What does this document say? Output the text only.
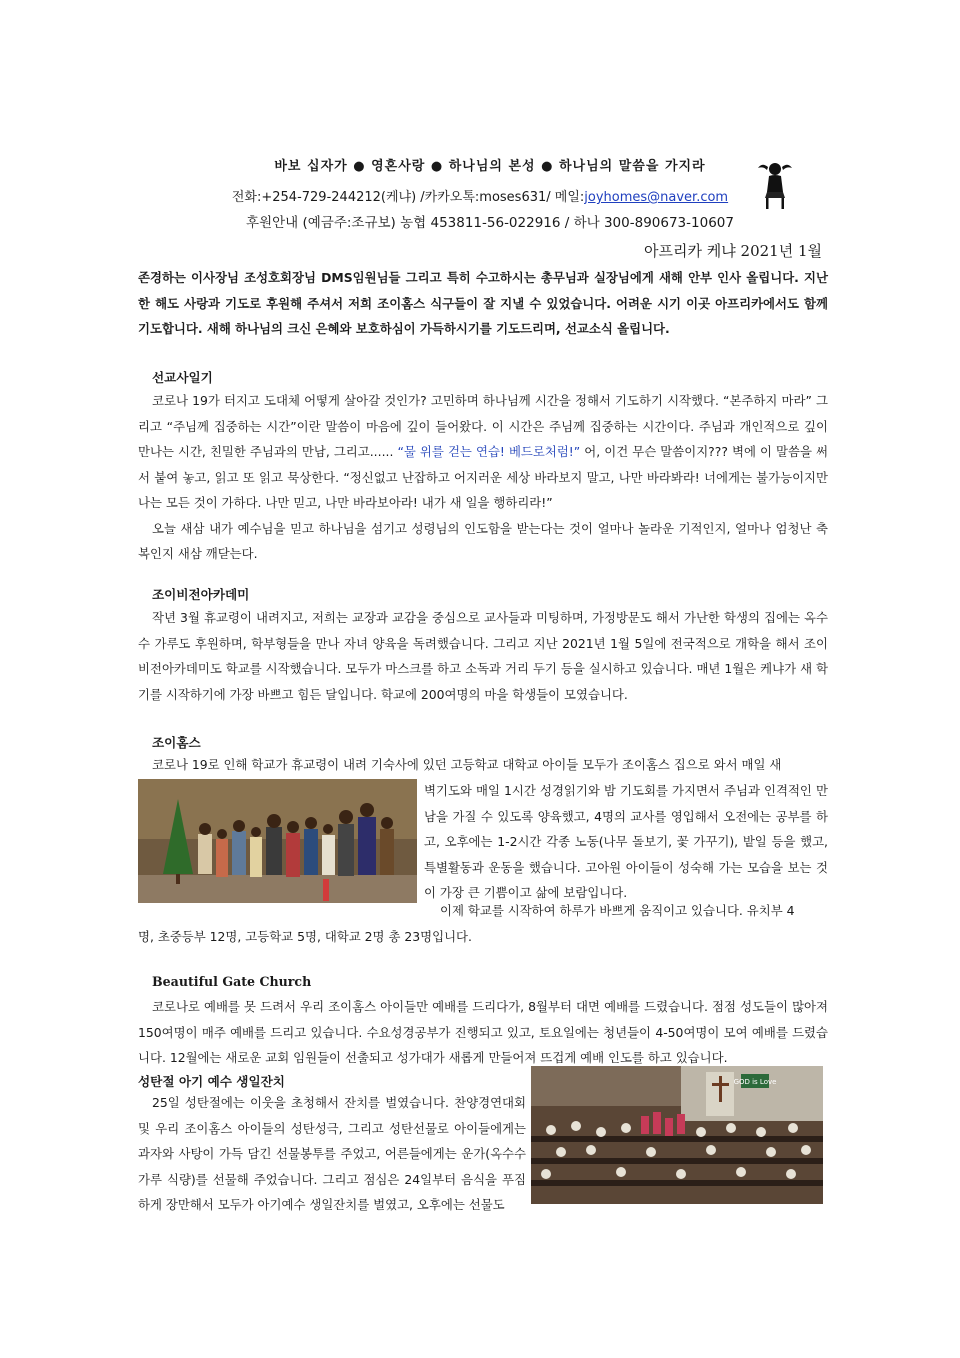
바보 십자가 ● 영혼사랑 ● 하나님의 본성 ● 하나님의 말씀을 가지라
전화:+254-729-244212(케냐) /카카오톡:moses631/ 메일:joyhomes@naver.com
후원안내 (예금주:조규보) 농협 453811-56-022916 / 하나 300-890673-10607
아프리카 케냐 2021년 1월
존경하는 이사장님 조성호회장님 DMS임원님들 그리고 특히 수고하시는 총무님과 실장님에게 새해 안부 인사 올립니다. 지난 한 해도 사랑과 기도로 후원해 주셔서 저희 조이홈스 식구들이 잘 지낼 수 있었습니다. 어려운 시기 이곳 아프리카에서도 함께 기도합니다. 새해 하나님의 크신 은혜와 보호하심이 가득하시기를 기도드리며, 선교소식 올립니다.
선교사일기

코로나 19가 터지고 도대체 어떻게 살아갈 것인가? 고민하며 하나님께 시간을 정해서 기도하기 시작했다. “본주하지 마라” 그리고 “주님께 집중하는 시간”이란 말씀이 마음에 깊이 들어왔다. 이 시간은 주님께 집중하는 시간이다. 주님과 개인적으로 깊이 만나는 시간, 친밀한 주님과의 만남, 그리고...... “물 위를 걷는 연습! 베드로처럼!” 어, 이건 무슨 말씀이지??? 벽에 이 말씀을 써서 붙여 놓고, 읽고 또 읽고 묵상한다. “정신없고 난잡하고 어지러운 세상 바라보지 말고, 나만 바라봐라! 너에게는 불가능이지만 나는 모든 것이 가하다. 나만 믿고, 나만 바라보아라! 내가 새 일을 행하리라!”

오늘 새삼 내가 예수님을 믿고 하나님을 섬기고 성령님의 인도함을 받는다는 것이 얼마나 놀라운 기적인지, 얼마나 엄청난 축복인지 새삼 깨닫는다.

조이비전아카데미

작년 3월 휴교령이 내려지고, 저희는 교장과 교감을 중심으로 교사들과 미팅하며, 가정방문도 해서 가난한 학생의 집에는 옥수수 가루도 후원하며, 학부형들을 만나 자녀 양육을 독려했습니다. 그리고 지난 2021년 1월 5일에 전국적으로 개학을 해서 조이비전아카데미도 학교를 시작했습니다. 모두가 마스크를 하고 소독과 거리 두기 등을 실시하고 있습니다. 매년 1월은 케냐가 새 학기를 시작하기에 가장 바쁘고 힘든 달입니다. 학교에 200여명의 마을 학생들이 모였습니다.

조이홈스

코로나 19로 인해 학교가 휴교령이 내려 기숙사에 있던 고등학교 대학교 아이들 모두가 조이홈스 집으로 와서 매일 새

벽기도와 매일 1시간 성경읽기와 밤 기도회를 가지면서 주님과 인격적인 만남을 가질 수 있도록 양육했고, 4명의 교사를 영입해서 오전에는 공부를 하고, 오후에는 1-2시간 각종 노동(나무 돌보기, 꽃 가꾸기), 밭일 등을 했고, 특별활동과 운동을 했습니다. 고아원 아이들이 성숙해 가는 모습을 보는 것이 가장 큰 기쁨이고 삶에 보람입니다.
이제 학교를 시작하여 하루가 바쁘게 움직이고 있습니다. 유치부 4
명, 초중등부 12명, 고등학교 5명, 대학교 2명 총 23명입니다.
Beautiful Gate Church

코로나로 예배를 못 드려서 우리 조이홈스 아이들만 예배를 드리다가, 8월부터 대면 예배를 드렸습니다. 점점 성도들이 많아져 150여명이 매주 예배를 드리고 있습니다. 수요성경공부가 진행되고 있고, 토요일에는 청년들이 4-50여명이 모여 예배를 드렸습니다. 12월에는 새로운 교회 임원들이 선출되고 성가대가 새롭게 만들어져 뜨겁게 예배 인도를 하고 있습니다.

성탄절 아기 예수 생일잔치

25일 성탄절에는 이웃을 초청해서 잔치를 벌였습니다. 찬양경연대회 및 우리 조이홈스 아이들의 성탄성극, 그리고 성탄선물로 아이들에게는 과자와 사탕이 가득 담긴 선물봉투를 주었고, 어른들에게는 운가(옥수수가루 식량)를 선물해 주었습니다. 그리고 점심은 24일부터 음식을 푸짐하게 장만해서 모두가 아기예수 생일잔치를 벌였고, 오후에는 선물도

GOD is Love
